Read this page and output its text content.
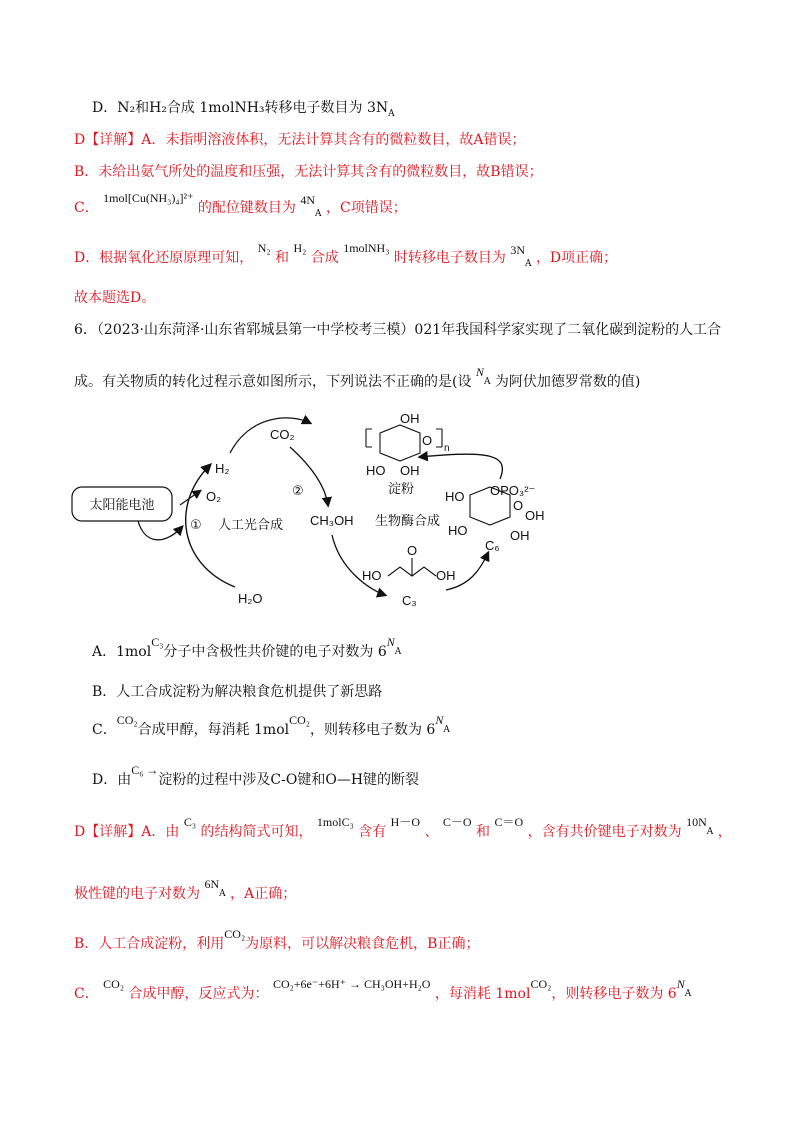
D．N₂和H₂合成 1molNH₃转移电子数目为 $3N_A$
D【详解】A．未指明溶液体积，无法计算其含有的微粒数目，故A错误；
B．未给出氨气所处的温度和压强，无法计算其含有的微粒数目，故B错误；
C． 1mol[Cu(NH₃)₄]²⁺ 的配位键数目为 $4N_A$ ，C项错误；
D．根据氧化还原原理可知， N₂ 和 H₂ 合成 1molNH₃ 时转移电子数目为 $3N_A$ ，D项正确；
故本题选D。
6．（2023·山东菏泽·山东省郓城县第一中学校考三模）021年我国科学家实现了二氧化碳到淀粉的人工合
成。有关物质的转化过程示意如图所示，下列说法不正确的是(设 $N_A$ 为阿伏加德罗常数的值)
太阳能电池
H₂
O₂
① 人工光合成
H₂O
CO₂
②
CH₃OH
HO
O
OH
C₃
生物酶合成
HO OPO₃²⁻
O
OH
HO	OH
C₆
OH
O
n
HO OH
淀粉
A．1molC₃分子中含极性共价键的电子对数为 $6N_A$
B．人工合成淀粉为解决粮食危机提供了新思路
C．CO₂合成甲醇，每消耗 1molCO₂，则转移电子数为 $6N_A$
D．由C₆ →淀粉的过程中涉及C-O键和O—H键的断裂
D【详解】A．由 C₃ 的结构简式可知， 1molC₃ 含有 H－O 、 C－O 和 C＝O ，含有共价键电子对数为 $10N_A$ ，
极性键的电子对数为 $6N_A$ ，A正确；
B．人工合成淀粉，利用CO₂为原料，可以解决粮食危机，B正确；
C． CO₂ 合成甲醇，反应式为： CO₂+6e⁻+6H⁺ → CH₃OH+H₂O ，每消耗 1molCO₂，则转移电子数为 $6N_A$
